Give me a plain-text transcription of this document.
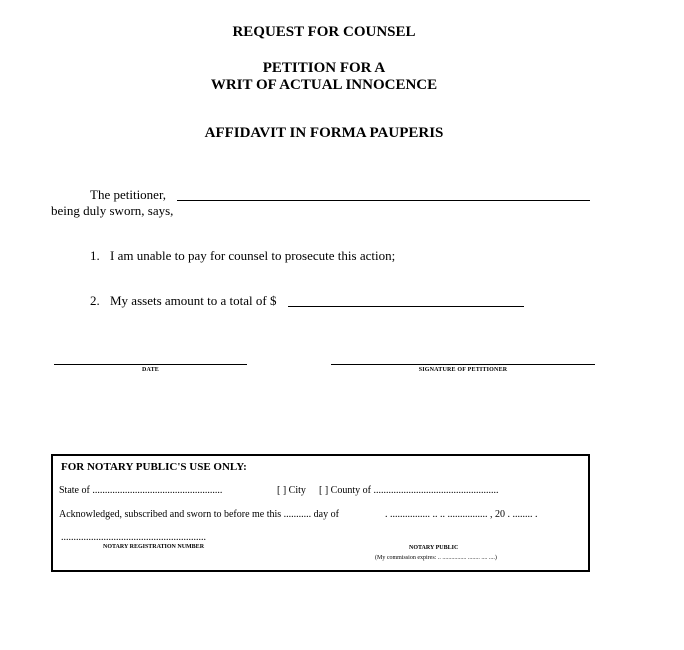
REQUEST FOR COUNSEL
PETITION FOR A
WRIT OF ACTUAL INNOCENCE
AFFIDAVIT IN FORMA PAUPERIS
The petitioner,
being duly sworn, says,
1. I am unable to pay for counsel to prosecute this action;
2. My assets amount to a total of $
DATE	SIGNATURE OF PETITIONER
FOR NOTARY PUBLIC'S USE ONLY:
State of ....................................................	[ ] City [ ] County of ..................................................
Acknowledged, subscribed and sworn to before me this ........... day of	. ................ .. .. ................ , 20 . ........ .
..........................................................
NOTARY REGISTRATION NUMBER	NOTARY PUBLIC
(My commission expires: .. ................ ........ .... ....)
